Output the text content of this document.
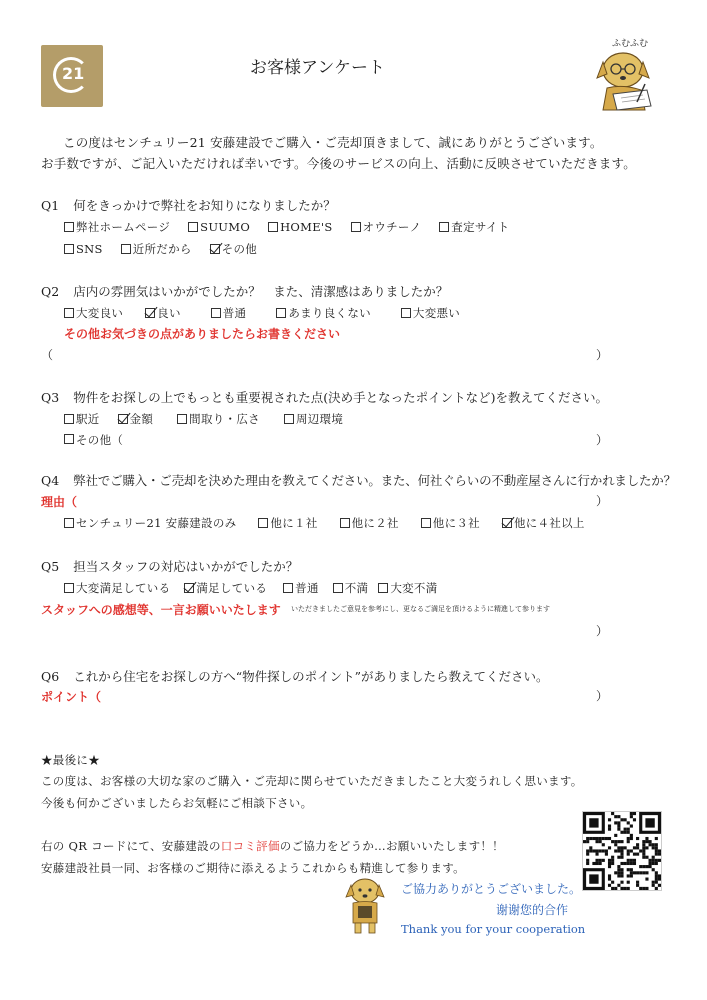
21	お客様アンケート
ふむふむ
この度はセンチュリー21 安藤建設でご購入・ご売却頂きまして、誠にありがとうございます。
お手数ですが、ご記入いただければ幸いです。今後のサービスの向上、活動に反映させていただきます。
Q1 何をきっかけで弊社をお知りになりましたか？
弊社ホームページ
	SUUMO
	HOME'S
	オウチーノ
	査定サイト
SNS
	近所だから
	その他
Q2 店内の雰囲気はいかがでしたか？　また、清潔感はありましたか？
大変良い
	良い
	普通
	あまり良くない
	大変悪い
その他お気づきの点がありましたらお書きください
（	）
Q3 物件をお探しの上でもっとも重要視された点(決め手となったポイントなど)を教えてください。
駅近
	金額
	間取り・広さ
	周辺環境
その他（	）
Q4 弊社でご購入・ご売却を決めた理由を教えてください。また、何社ぐらいの不動産屋さんに行かれましたか？
理由（	）
センチュリー21 安藤建設のみ
	他に１社
	他に２社
	他に３社
	他に４社以上
Q5 担当スタッフの対応はいかがでしたか？
大変満足している
満足している
普通
不満
大変不満
スタッフへの感想等、一言お願いいたします いただきましたご意見を参考にし、更なるご満足を頂けるように精進して参ります
）
Q6 これから住宅をお探しの方へ“物件探しのポイント”がありましたら教えてください。
ポイント（	）
★最後に★
この度は、お客様の大切な家のご購入・ご売却に関らせていただきましたこと大変うれしく思います。
今後も何かございましたらお気軽にご相談下さい。
右の QR コードにて、安藤建設の口コミ評価のご協力をどうか…お願いいたします！！
安藤建設社員一同、お客様のご期待に添えるようこれからも精進して参ります。
ご協力ありがとうございました。
谢谢您的合作
Thank you for your cooperation
